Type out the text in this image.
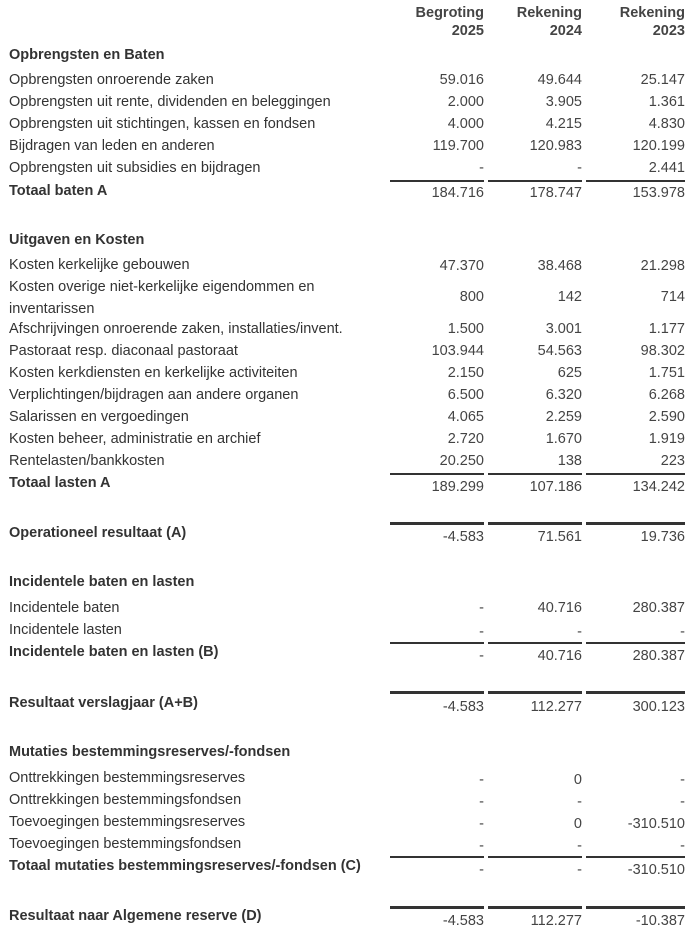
Begroting
2025
Rekening
2024
Rekening
2023
Opbrengsten en Baten
Opbrengsten onroerende zaken	59.016	49.644	25.147
Opbrengsten uit rente, dividenden en beleggingen	2.000	3.905	1.361
Opbrengsten uit stichtingen, kassen en fondsen	4.000	4.215	4.830
Bijdragen van leden en anderen	119.700	120.983	120.199
Opbrengsten uit subsidies en bijdragen	-	-	2.441
Totaal baten A	184.716	178.747	153.978
Uitgaven en Kosten
Kosten kerkelijke gebouwen	47.370	38.468	21.298
Kosten overige niet-kerkelijke eigendommen en inventarissen
800	142	714
Afschrijvingen onroerende zaken, installaties/invent.	1.500	3.001	1.177
Pastoraat resp. diaconaal pastoraat	103.944	54.563	98.302
Kosten kerkdiensten en kerkelijke activiteiten	2.150	625	1.751
Verplichtingen/bijdragen aan andere organen	6.500	6.320	6.268
Salarissen en vergoedingen	4.065	2.259	2.590
Kosten beheer, administratie en archief	2.720	1.670	1.919
Rentelasten/bankkosten	20.250	138	223
Totaal lasten A	189.299	107.186	134.242
Operationeel resultaat (A)	-4.583	71.561	19.736
Incidentele baten en lasten
Incidentele baten	-	40.716	280.387
Incidentele lasten	-	-	-
Incidentele baten en lasten (B)	-	40.716	280.387
Resultaat verslagjaar (A+B)	-4.583	112.277	300.123
Mutaties bestemmingsreserves/-fondsen
Onttrekkingen bestemmingsreserves	-	0	-
Onttrekkingen bestemmingsfondsen	-	-	-
Toevoegingen bestemmingsreserves	-	0	-310.510
Toevoegingen bestemmingsfondsen	-	-	-
Totaal mutaties bestemmingsreserves/-fondsen (C)	-	-	-310.510
Resultaat naar Algemene reserve (D)	-4.583	112.277	-10.387
